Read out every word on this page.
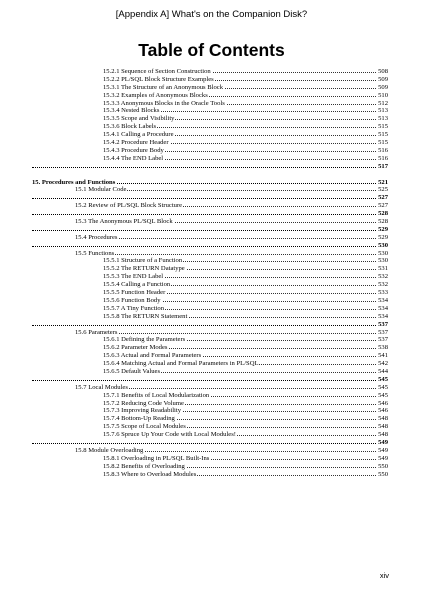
[Appendix A] What's on the Companion Disk?
Table of Contents
15.2.1 Sequence of Section Construction	508
15.2.2 PL/SQL Block Structure Examples	509
15.3.1 The Structure of an Anonymous Block	509
15.3.2 Examples of Anonymous Blocks	510
15.3.3 Anonymous Blocks in the Oracle Tools	512
15.3.4 Nested Blocks	513
15.3.5 Scope and Visibility	513
15.3.6 Block Labels	515
15.4.1 Calling a Procedure	515
15.4.2 Procedure Header	515
15.4.3 Procedure Body	516
15.4.4 The END Label	516
517
15. Procedures and Functions	521
15.1 Modular Code	525
527
15.2 Review of PL/SQL Block Structure	527
528
15.3 The Anonymous PL/SQL Block	528
529
15.4 Procedures	529
530
15.5 Functions	530
15.5.1 Structure of a Function	530
15.5.2 The RETURN Datatype	531
15.5.3 The END Label	532
15.5.4 Calling a Function	532
15.5.5 Function Header	533
15.5.6 Function Body	534
15.5.7 A Tiny Function	534
15.5.8 The RETURN Statement	534
537
15.6 Parameters	537
15.6.1 Defining the Parameters	537
15.6.2 Parameter Modes	538
15.6.3 Actual and Formal Parameters	541
15.6.4 Matching Actual and Formal Parameters in PL/SQL	542
15.6.5 Default Values	544
545
15.7 Local Modules	545
15.7.1 Benefits of Local Modularization	545
15.7.2 Reducing Code Volume	546
15.7.3 Improving Readability	546
15.7.4 Bottom-Up Reading	548
15.7.5 Scope of Local Modules	548
15.7.6 Spruce Up Your Code with Local Modules!	548
549
15.8 Module Overloading	549
15.8.1 Overloading in PL/SQL Built-Ins	549
15.8.2 Benefits of Overloading	550
15.8.3 Where to Overload Modules	550
xiv
